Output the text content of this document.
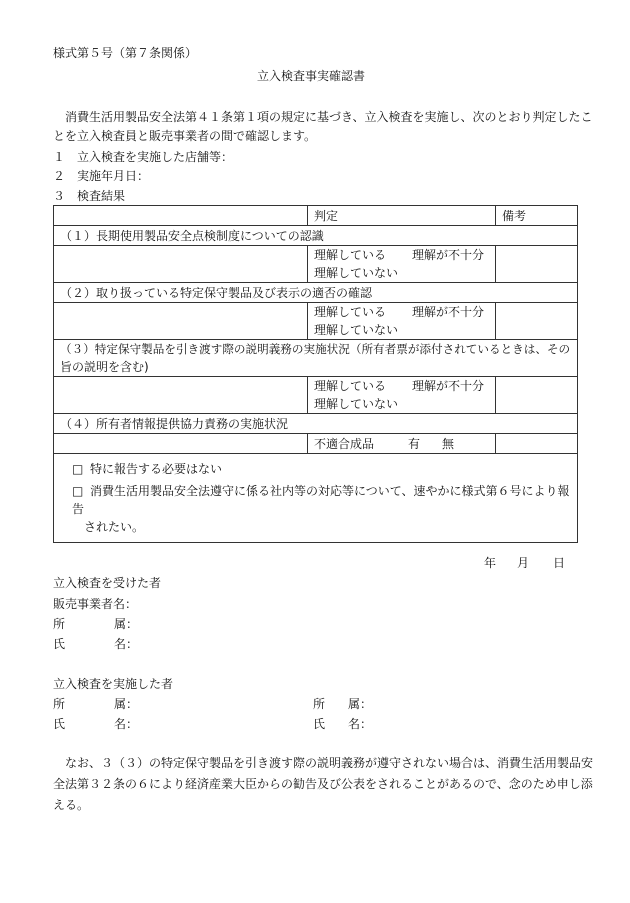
様式第５号（第７条関係）
立入検査事実確認書
　消費生活用製品安全法第４１条第１項の規定に基づき、立入検査を実施し、次のとおり判定したこ
とを立入検査員と販売事業者の間で確認します。
１　立入検査を実施した店舗等：
２　実施年月日：
３　検査結果
	判定	備考
（１）長期使用製品安全点検制度についての認識		

	理解している 理解が不十分
理解していない	

（２）取り扱っている特定保守製品及び表示の適否の確認		

	理解している 理解が不十分
理解していない	

（３）特定保守製品を引き渡す際の説明義務の実施状況（所有者票が添付されているときは、その
旨の説明を含む)		

	理解している 理解が不十分
理解していない	

（４）所有者情報提供協力責務の実施状況		
	不適合成品 有 無	

□ 特に報告する必要はない
□ 消費生活用製品安全法遵守に係る社内等の対応等について、速やかに様式第６号により報告
されたい。		
年 月 日
立入検査を受けた者
販売事業者名：
所	属：
氏	名：
立入検査を実施した者
所	属：
氏	名：
所 属：
氏 名：
　なお、３（３）の特定保守製品を引き渡す際の説明義務が遵守されない場合は、消費生活用製品安
全法第３２条の６により経済産業大臣からの勧告及び公表をされることがあるので、念のため申し添
える。
